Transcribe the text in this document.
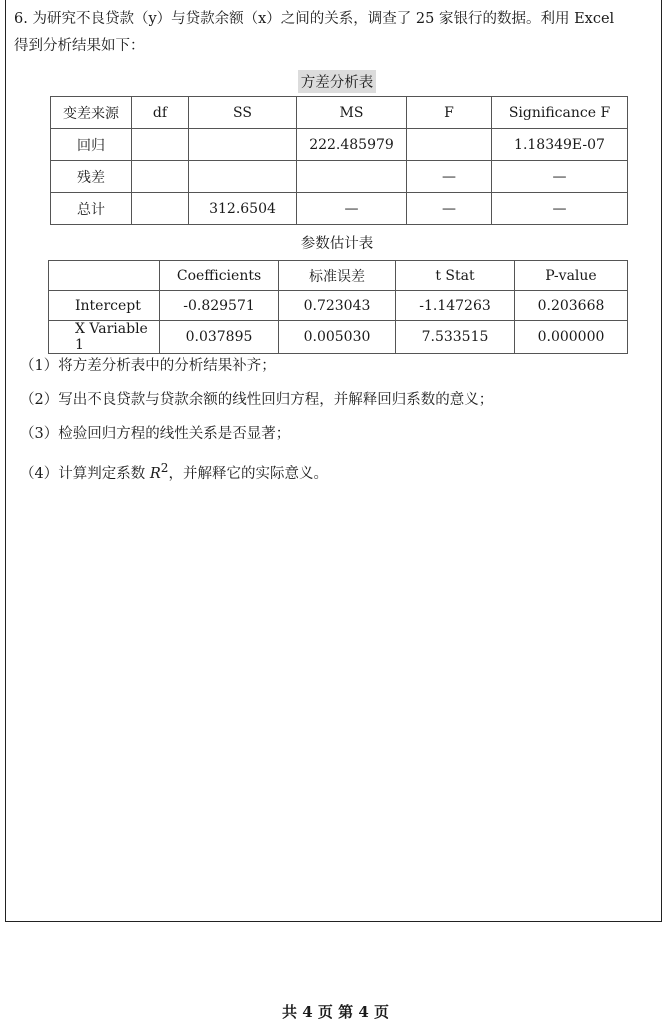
6. 为研究不良贷款（y）与贷款余额（x）之间的关系，调查了 25 家银行的数据。利用 Excel
得到分析结果如下：
方差分析表
变差来源	df	SS	MS	F	Significance F
回归			222.485979		1.18349E-07
残差				—	—
总计		312.6504	—	—	—
参数估计表
	Coefficients	标准误差	t Stat	P-value
Intercept	-0.829571	0.723043	-1.147263	0.203668
X Variable 1	0.037895	0.005030	7.533515	0.000000
（1）将方差分析表中的分析结果补齐；
（2）写出不良贷款与贷款余额的线性回归方程，并解释回归系数的意义；
（3）检验回归方程的线性关系是否显著；
（4）计算判定系数 $R^2$，并解释它的实际意义。
共 4 页 第 4 页
